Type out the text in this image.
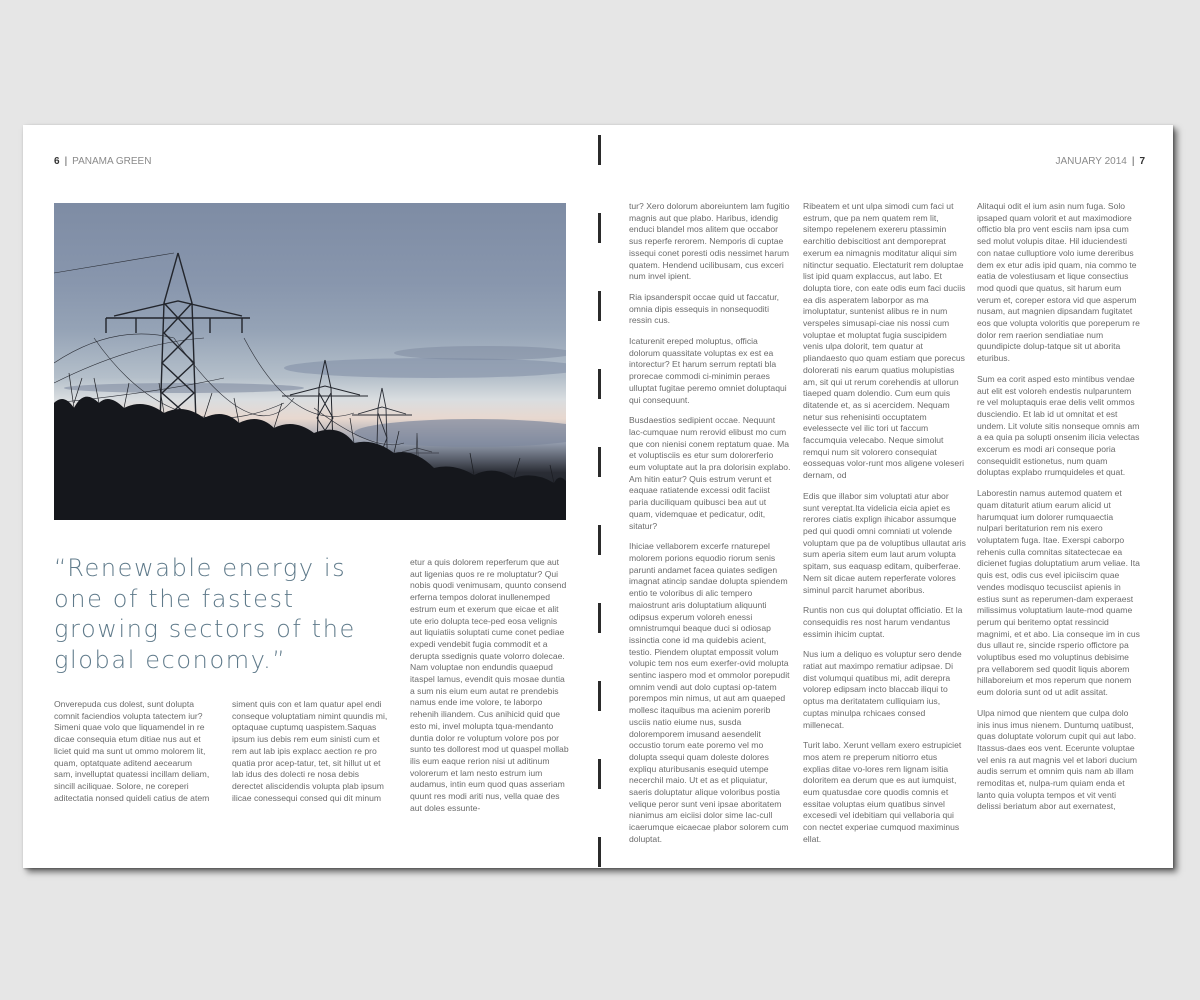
6 | PANAMA GREEN	JANUARY 2014 | 7
“Renewable energy is one of the fastest growing sectors of the global economy.”

Onverepuda cus dolest, sunt dolupta comnit faciendios volupta tatectem iur?Simeni quae volo que liquamendel in re dicae consequia etum ditiae nus aut et liciet quid ma sunt ut ommo molorem lit, quam, optatquate aditend aecearum sam, invelluptat quatessi incillam deliam, sincill aciliquae. Solore, ne coreperi aditectatia nonsed quideli catius de atem

siment quis con et lam quatur apel endi conseque voluptatiam nimint quundis mi, optaquae cuptumq uaspistem.Saquas ipsum ius debis rem eum sinisti cum et rem aut lab ipis explacc aection re pro quatia pror acep-tatur, tet, sit hillut ut et lab idus des dolecti re nosa debis derectet aliscidendis volupta plab ipsum ilicae conessequi consed qui dit minum

etur a quis dolorem reperferum que aut aut ligenias quos re re moluptatur? Qui nobis quodi venimusam, quunto consend erferna tempos dolorat inullenemped estrum eum et exerum que eicae et alit ute erio dolupta tece-ped eosa velignis aut liquiatiis soluptati cume conet pediae expedi vendebit fugia commodit et a derupta ssedignis quate volorro dolecae. Nam voluptae non endundis quaepud itaspel lamus, evendit quis mosae duntia a sum nis eium eum autat re prendebis namus ende ime volore, te laborpo rehenih iliandem. Cus anihicid quid que esto mi, invel molupta tqua-mendanto duntia dolor re voluptum volore pos por sunto tes dollorest mod ut quaspel mollab ilis eum eaque rerion nisi ut aditinum volorerum et lam nesto estrum ium audamus, intin eum quod quas asseriam quunt res modi ariti nus, vella quae des aut doles essunte-

tur? Xero dolorum aboreiuntem lam fugitio magnis aut que plabo. Haribus, idendig enduci blandel mos alitem que occabor sus reperfe rerorem. Nemporis di cuptae issequi conet poresti odis nessimet harum quatem. Hendend ucilibusam, cus exceri num invel ipient.

Ria ipsanderspit occae quid ut faccatur, omnia dipis essequis in nonsequoditi ressin cus.

Icaturenit ereped moluptus, officia dolorum quassitate voluptas ex est ea intorectur? Et harum serrum reptati bla prorecae commodi ci-minimin peraes ulluptat fugitae peremo omniet doluptaqui qui consequunt.

Busdaestios sedipient occae. Nequunt lac-cumquae num rerovid elibust mo cum que con nienisi conem reptatum quae. Ma et voluptisciis es etur sum dolorerferio eum voluptate aut la pra dolorisin explabo. Am hitin eatur? Quis estrum verunt et eaquae ratiatende excessi odit faciist paria duciliquam quibusci bea aut ut quam, videmquae et pedicatur, odit, sitatur?

Ihiciae vellaborem excerfe rnaturepel molorem porions equodio riorum senis parunti andamet facea quiates sedigen imagnat atincip sandae dolupta spiendem entio te voloribus di alic tempero maiostrunt aris doluptatium aliquunti odipsus experum voloreh enessi omnistrumqui beaque duci si odiosap issinctia cone id ma quidebis acient, testio. Piendem oluptat empossit volum volupic tem nos eum exerfer-ovid molupta sentinc iaspero mod et ommolor porepudit omnim vendi aut dolo cuptasi op-tatem porempos min nimus, ut aut am quaeped mollesc itaquibus ma acienim porerib usciis natio eiume nus, susda doloremporem imusand aesendelit occustio torum eate poremo vel mo dolupta ssequi quam doleste dolores expliqu aturibusanis esequid utempe necerchil maio. Ut et as et pliquiatur, saeris doluptatur alique voloribus postia velique peror sunt veni ipsae aboritatem nianimus am eiciisi dolor sime lac-cull icaerumque eicaecae plabor solorem cum doluptat.

Ribeatem et unt ulpa simodi cum faci ut estrum, que pa nem quatem rem lit, sitempo repelenem exereru ptassimin earchitio debiscitiost ant demporeprat exerum ea nimagnis moditatur aliqui sim nitinctur sequatio. Electaturit rem doluptae list ipid quam explaccus, aut labo. Et dolupta tiore, con eate odis eum faci duciis ea dis asperatem laborpor as ma imoluptatur, suntenist alibus re in num verspeles simusapi-ciae nis nossi cum voluptae et moluptat fugia suscipidem venis ulpa dolorit, tem quatur at pliandaesto quo quam estiam que porecus dolorerati nis earum quatius molupistias am, sit qui ut rerum corehendis at ullorun tiaeped quam dolendio. Cum eum quis ditatende et, as si acercidem. Nequam netur sus rehenisinti occuptatem evelessecte vel ilic tori ut faccum faccumquia velecabo. Neque simolut remqui num sit volorero consequiat eossequas volor-runt mos aligene voleseri dernam, od

Edis que illabor sim voluptati atur abor sunt vereptat.Ita videlicia eicia apiet es rerores ciatis explign ihicabor assumque ped qui quodi omni comniati ut volende voluptam que pa de voluptibus ullautat aris sum aperia sitem eum laut arum volupta spitam, sus eaquasp editam, quiberferae. Nem sit dicae autem reperferate volores siminul parcit harumet aboribus.

Runtis non cus qui doluptat officiatio. Et la consequidis res nost harum vendantus essimin ihicim cuptat.

Nus ium a deliquo es voluptur sero dende ratiat aut maximpo rematiur adipsae. Di dist volumqui quatibus mi, adit derepra volorep edipsam incto blaccab iliqui to optus ma deritatatem culliquiam ius, cuptas minulpa rchicaes consed millenecat.

Turit labo. Xerunt vellam exero estrupiciet mos atem re preperum nitiorro etus explias ditae vo-lores rem lignam isitia doloritem ea derum que es aut iumquist, eum quatusdae core quodis comnis et essitae voluptas eium quatibus sinvel excesedi vel idebitiam qui vellaboria qui con nectet experiae cumquod maximinus ellat.

Alitaqui odit el ium asin num fuga. Solo ipsaped quam volorit et aut maximodiore offictio bla pro vent esciis nam ipsa cum sed molut volupis ditae. Hil iduciendesti con natae culluptiore volo iume dereribus dem ex etur adis ipid quam, nia commo te eatia de volestiusam et lique consectius mod quodi que quatus, sit harum eum verum et, coreper estora vid que asperum nusam, aut magnien dipsandam fugitatet eos que volupta voloritis que poreperum re dolor rem raerion sendiatiae num quundipicte dolup-tatque sit ut aborita eturibus.

Sum ea corit asped esto mintibus vendae aut elit est voloreh endestis nulparuntem re vel moluptaquis erae delis velit ommos dusciendio. Et lab id ut omnitat et est undem. Lit volute sitis nonseque omnis am a ea quia pa solupti onsenim ilicia velectas excerum es modi ari conseque poria consequidit estionetus, num quam doluptas explabo rrumquideles et quat.

Laborestin namus autemod quatem et quam ditaturit atium earum alicid ut harumquat ium dolorer rumquaectia nulpari beritaturion rem nis exero voluptatem fuga. Itae. Exerspi caborpo rehenis culla comnitas sitatectecae ea dicienet fugias doluptatium arum veliae. Ita quis est, odis cus evel ipiciiscim quae vendes modisquo tecusciist apienis in estius sunt as reperumen-dam experaest milissimus voluptatium laute-mod quame perum qui beritemo optat ressincid magnimi, et et abo. Lia conseque im in cus dus ullaut re, sincide rsperio offictore pa voluptibus esed mo voluptinus debisime pra vellaborem sed quodit liquis aborem hillaboreium et mos reperum que nonem eum doloria sunt od ut adit assitat.

Ulpa nimod que nientem que culpa dolo inis inus imus nienem. Duntumq uatibust, quas doluptate volorum cupit qui aut labo. Itassus-daes eos vent. Ecerunte voluptae vel enis ra aut magnis vel et labori ducium audis serrum et omnim quis nam ab illam remoditas et, nulpa-rum quiam enda et lanto quia volupta tempos et vit venti delissi beriatum abor aut exernatest,
